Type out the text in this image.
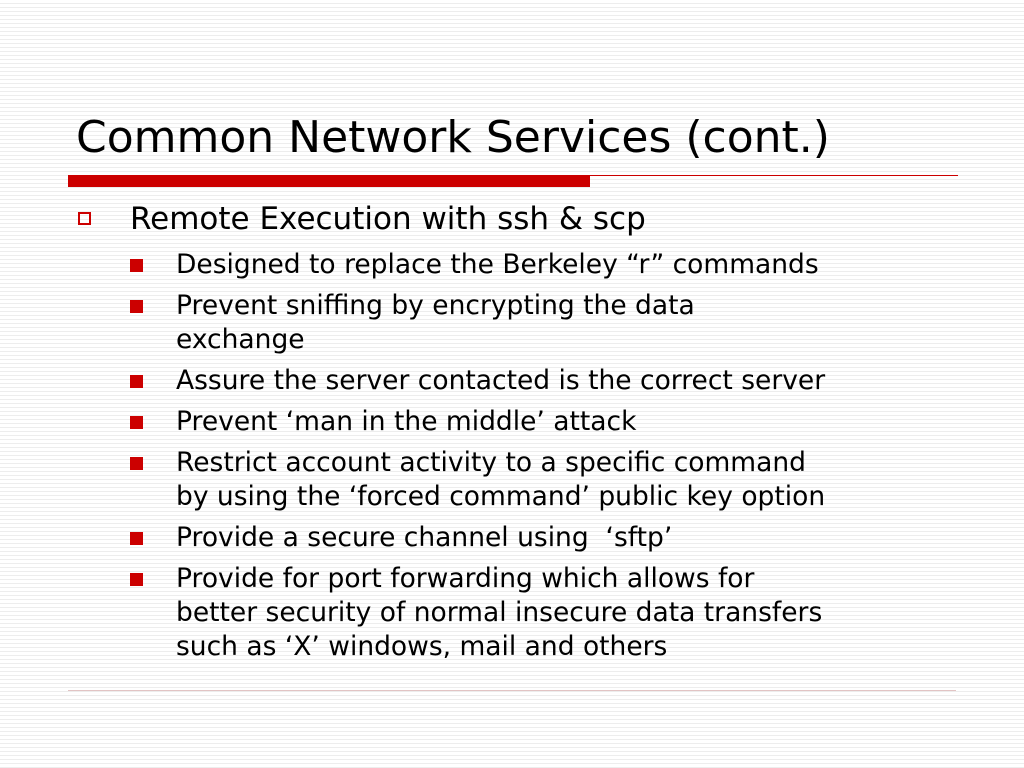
Common Network Services (cont.)
Remote Execution with ssh & scp
Designed to replace the Berkeley “r” commands
Prevent sniffing by encrypting the data
exchange
Assure the server contacted is the correct server
Prevent ‘man in the middle’ attack
Restrict account activity to a specific command
by using the ‘forced command’ public key option
Provide a secure channel using  ‘sftp’
Provide for port forwarding which allows for
better security of normal insecure data transfers
such as ‘X’ windows, mail and others
